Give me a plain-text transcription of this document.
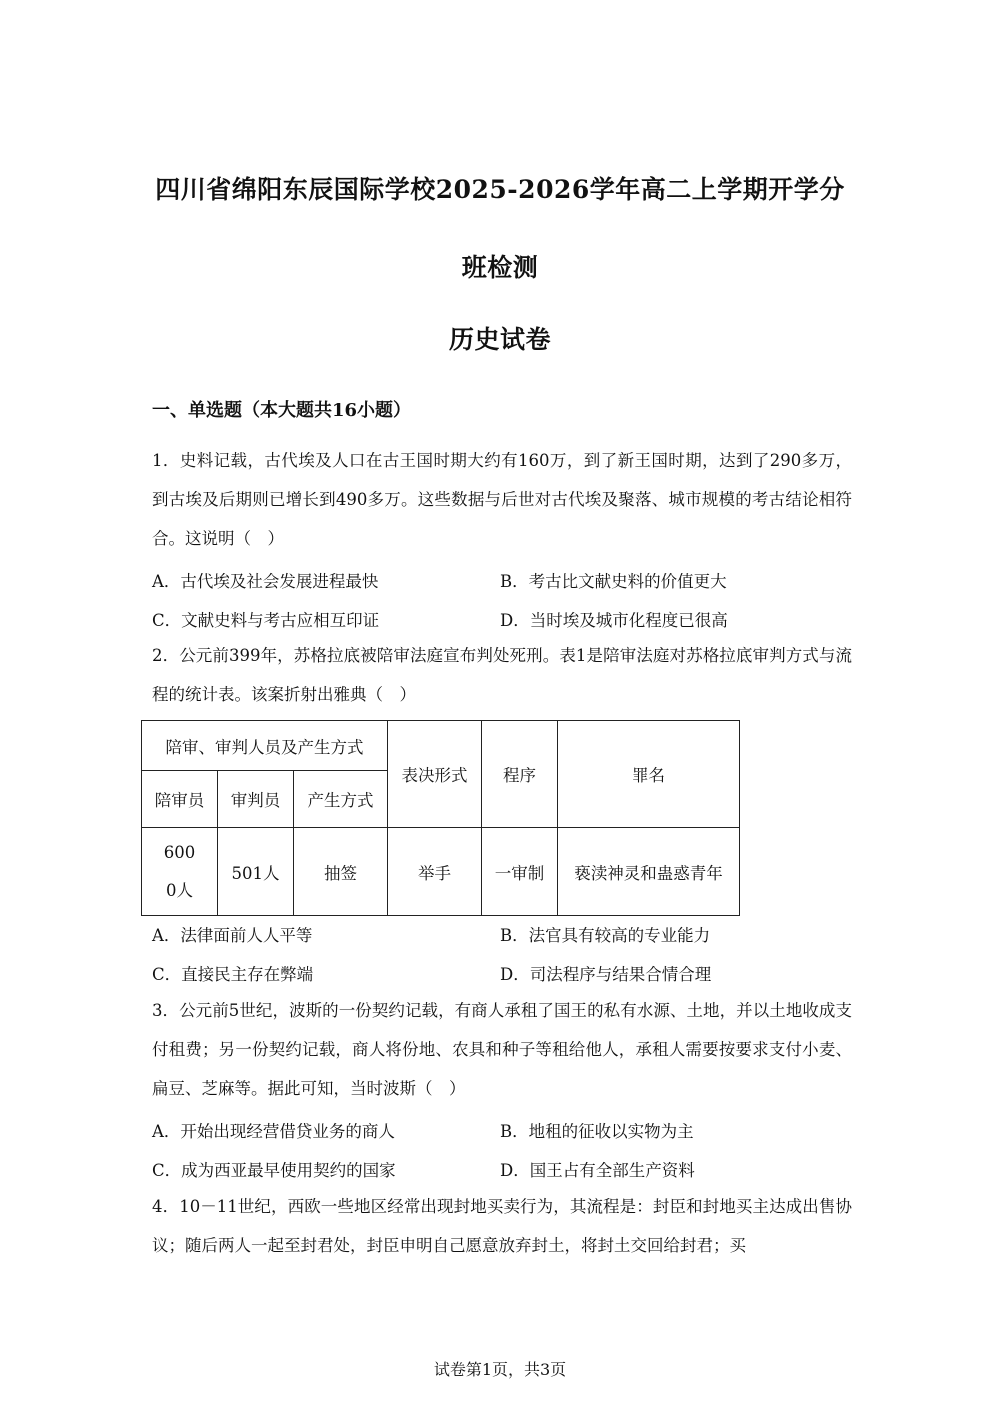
四川省绵阳东辰国际学校2025-2026学年高二上学期开学分
班检测
历史试卷
一、单选题（本大题共16小题）
1．史料记载，古代埃及人口在古王国时期大约有160万，到了新王国时期，达到了290多万，到古埃及后期则已增长到490多万。这些数据与后世对古代埃及聚落、城市规模的考古结论相符合。这说明（　）
A．古代埃及社会发展进程最快	B．考古比文献史料的价值更大
C．文献史料与考古应相互印证	D．当时埃及城市化程度已很高
2．公元前399年，苏格拉底被陪审法庭宣布判处死刑。表1是陪审法庭对苏格拉底审判方式与流程的统计表。该案折射出雅典（　）
陪审、审判人员及产生方式			表决形式	程序	罪名
陪审员	审判员	产生方式			

6000人	501人	抽签	举手	一审制	亵渎神灵和蛊惑青年
A．法律面前人人平等	B．法官具有较高的专业能力
C．直接民主存在弊端	D．司法程序与结果合情合理
3．公元前5世纪，波斯的一份契约记载，有商人承租了国王的私有水源、土地，并以土地收成支付租费；另一份契约记载，商人将份地、农具和种子等租给他人，承租人需要按要求支付小麦、扁豆、芝麻等。据此可知，当时波斯（　）
A．开始出现经营借贷业务的商人	B．地租的征收以实物为主
C．成为西亚最早使用契约的国家	D．国王占有全部生产资料
4．10－11世纪，西欧一些地区经常出现封地买卖行为，其流程是：封臣和封地买主达成出售协议；随后两人一起至封君处，封臣申明自己愿意放弃封土，将封土交回给封君；买
试卷第1页，共3页
